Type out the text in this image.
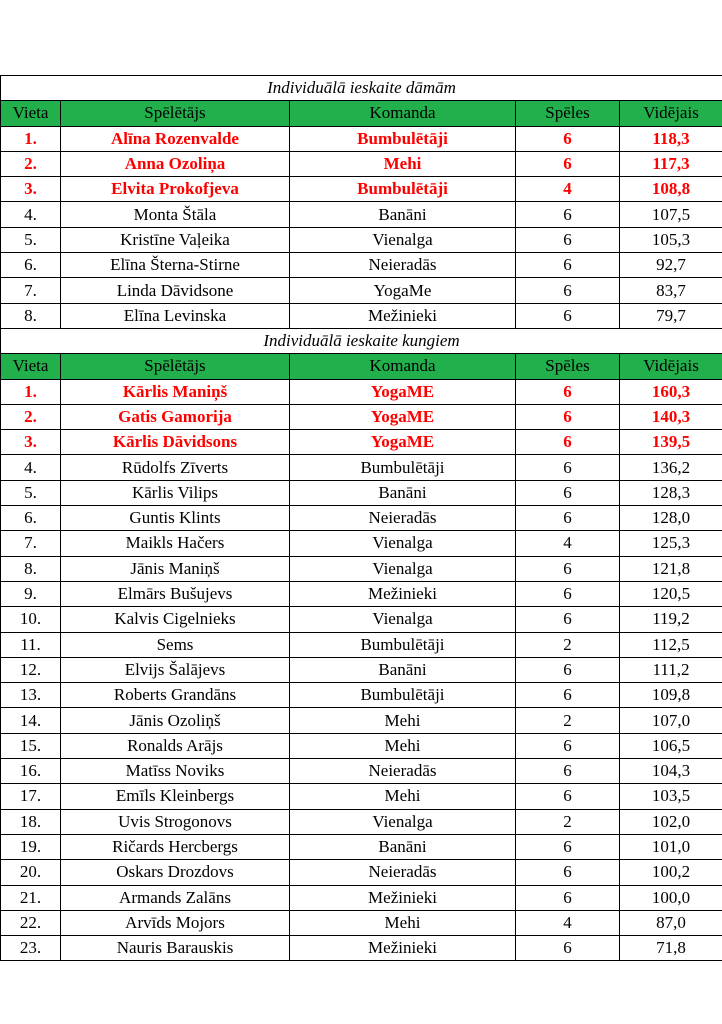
Individuālā ieskaite dāmām				
Vieta	Spēlētājs	Komanda	Spēles	Vidējais
1.	Alīna Rozenvalde	Bumbulētāji	6	118,3
2.	Anna Ozoliņa	Mehi	6	117,3
3.	Elvita Prokofjeva	Bumbulētāji	4	108,8
4.	Monta Štāla	Banāni	6	107,5
5.	Kristīne Vaļeika	Vienalga	6	105,3
6.	Elīna Šterna-Stirne	Neieradās	6	92,7
7.	Linda Dāvidsone	YogaMe	6	83,7
8.	Elīna Levinska	Mežinieki	6	79,7
Individuālā ieskaite kungiem				
Vieta	Spēlētājs	Komanda	Spēles	Vidējais
1.	Kārlis Maniņš	YogaME	6	160,3
2.	Gatis Gamorija	YogaME	6	140,3
3.	Kārlis Dāvidsons	YogaME	6	139,5
4.	Rūdolfs Zīverts	Bumbulētāji	6	136,2
5.	Kārlis Vilips	Banāni	6	128,3
6.	Guntis Klints	Neieradās	6	128,0
7.	Maikls Hačers	Vienalga	4	125,3
8.	Jānis Maniņš	Vienalga	6	121,8
9.	Elmārs Bušujevs	Mežinieki	6	120,5
10.	Kalvis Cigelnieks	Vienalga	6	119,2
11.	Sems	Bumbulētāji	2	112,5
12.	Elvijs Šalājevs	Banāni	6	111,2
13.	Roberts Grandāns	Bumbulētāji	6	109,8
14.	Jānis Ozoliņš	Mehi	2	107,0
15.	Ronalds Arājs	Mehi	6	106,5
16.	Matīss Noviks	Neieradās	6	104,3
17.	Emīls Kleinbergs	Mehi	6	103,5
18.	Uvis Strogonovs	Vienalga	2	102,0
19.	Ričards Hercbergs	Banāni	6	101,0
20.	Oskars Drozdovs	Neieradās	6	100,2
21.	Armands Zalāns	Mežinieki	6	100,0
22.	Arvīds Mojors	Mehi	4	87,0
23.	Nauris Barauskis	Mežinieki	6	71,8
